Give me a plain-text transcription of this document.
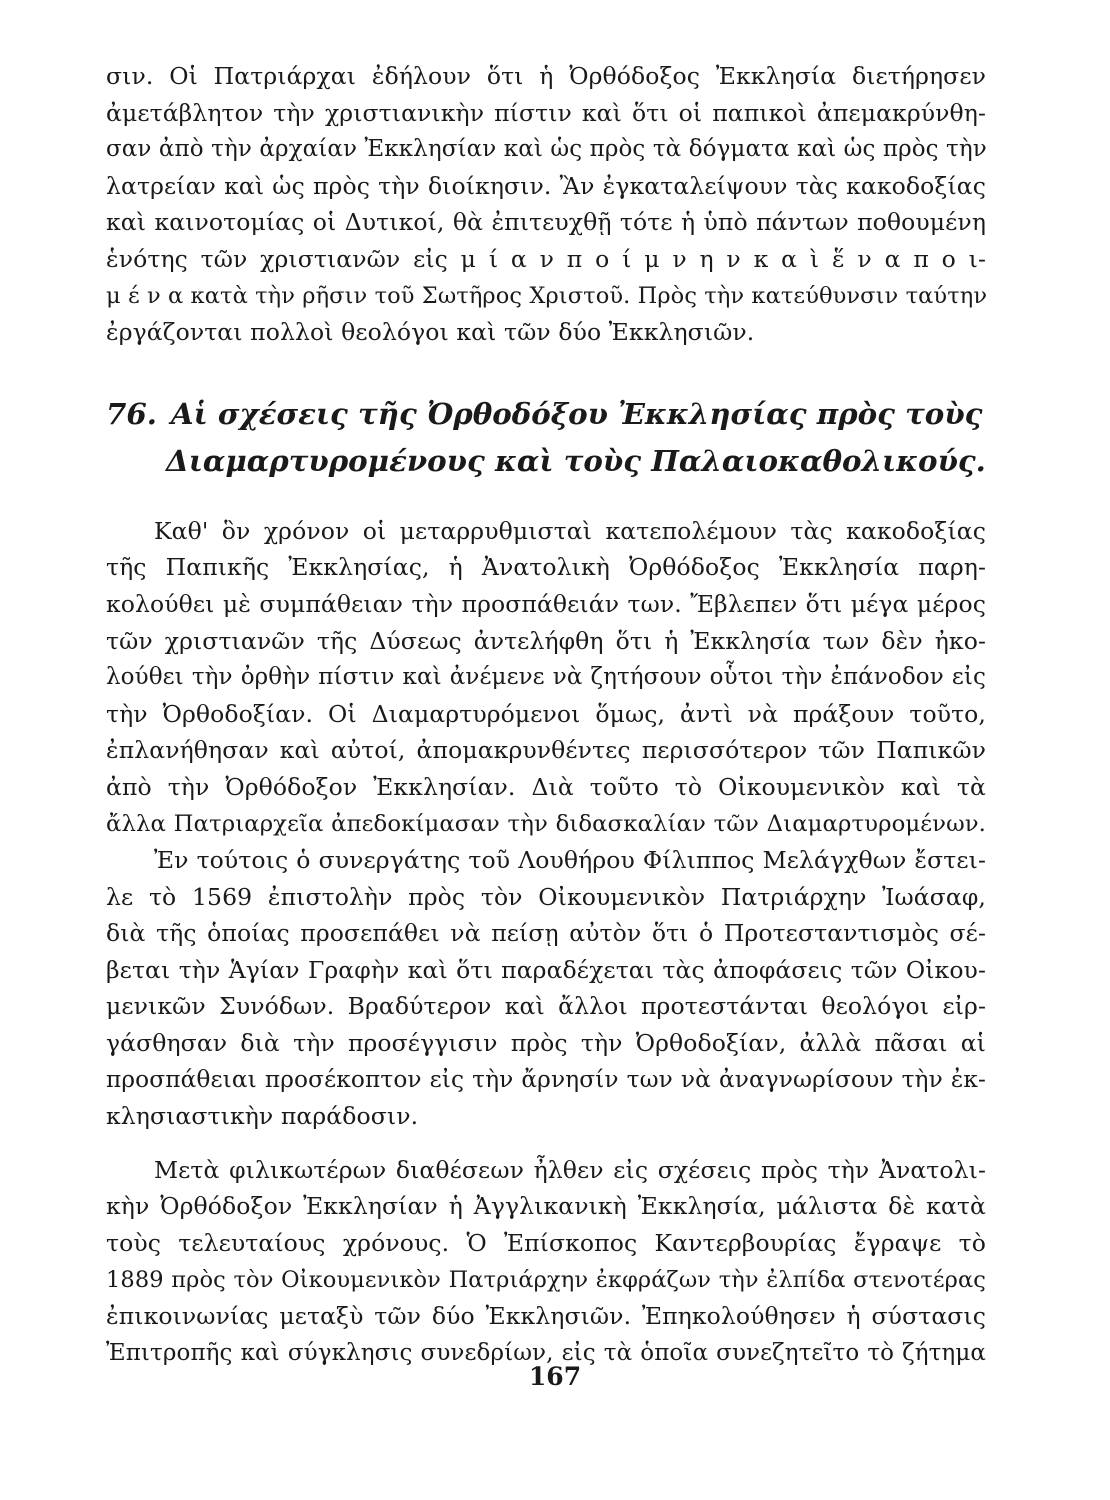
σιν. Οἱ Πατριάρχαι ἐδήλουν ὅτι ἡ Ὀρθόδοξος Ἐκκλησία διετήρησεν
ἀμετάβλητον τὴν χριστιανικὴν πίστιν καὶ ὅτι οἱ παπικοὶ ἀπεμακρύνθη-
σαν ἀπὸ τὴν ἀρχαίαν Ἐκκλησίαν καὶ ὡς πρὸς τὰ δόγματα καὶ ὡς πρὸς τὴν
λατρείαν καὶ ὡς πρὸς τὴν διοίκησιν. Ἂν ἐγκαταλείψουν τὰς κακοδοξίας
καὶ καινοτομίας οἱ Δυτικοί, θὰ ἐπιτευχθῇ τότε ἡ ὑπὸ πάντων ποθουμένη
ἑνότης τῶν χριστιανῶν εἰς μ ί α ν π ο ί μ ν η ν κ α ὶ ἕ ν α π ο ι-
μ έ ν α κατὰ τὴν ρῆσιν τοῦ Σωτῆρος Χριστοῦ. Πρὸς τὴν κατεύθυνσιν ταύτην
ἐργάζονται πολλοὶ θεολόγοι καὶ τῶν δύο Ἐκκλησιῶν.
76. Αἱ σχέσεις τῆς Ὀρθοδόξου Ἐκκλησίας πρὸς τοὺς
Διαμαρτυρομένους καὶ τοὺς Παλαιοκαθολικούς.
Καθ' ὃν χρόνον οἱ μεταρρυθμισταὶ κατεπολέμουν τὰς κακοδοξίας
τῆς Παπικῆς Ἐκκλησίας, ἡ Ἀνατολικὴ Ὀρθόδοξος Ἐκκλησία παρη-
κολούθει μὲ συμπάθειαν τὴν προσπάθειάν των. Ἔβλεπεν ὅτι μέγα μέρος
τῶν χριστιανῶν τῆς Δύσεως ἀντελήφθη ὅτι ἡ Ἐκκλησία των δὲν ἠκο-
λούθει τὴν ὀρθὴν πίστιν καὶ ἀνέμενε νὰ ζητήσουν οὗτοι τὴν ἐπάνοδον εἰς
τὴν Ὀρθοδοξίαν. Οἱ Διαμαρτυρόμενοι ὅμως, ἀντὶ νὰ πράξουν τοῦτο,
ἐπλανήθησαν καὶ αὐτοί, ἀπομακρυνθέντες περισσότερον τῶν Παπικῶν
ἀπὸ τὴν Ὀρθόδοξον Ἐκκλησίαν. Διὰ τοῦτο τὸ Οἰκουμενικὸν καὶ τὰ
ἄλλα Πατριαρχεῖα ἀπεδοκίμασαν τὴν διδασκαλίαν τῶν Διαμαρτυρομένων.
Ἐν τούτοις ὁ συνεργάτης τοῦ Λουθήρου Φίλιππος Μελάγχθων ἔστει-
λε τὸ 1569 ἐπιστολὴν πρὸς τὸν Οἰκουμενικὸν Πατριάρχην Ἰωάσαφ,
διὰ τῆς ὁποίας προσεπάθει νὰ πείσῃ αὐτὸν ὅτι ὁ Προτεσταντισμὸς σέ-
βεται τὴν Ἁγίαν Γραφὴν καὶ ὅτι παραδέχεται τὰς ἀποφάσεις τῶν Οἰκου-
μενικῶν Συνόδων. Βραδύτερον καὶ ἄλλοι προτεστάνται θεολόγοι εἰρ-
γάσθησαν διὰ τὴν προσέγγισιν πρὸς τὴν Ὀρθοδοξίαν, ἀλλὰ πᾶσαι αἱ
προσπάθειαι προσέκοπτον εἰς τὴν ἄρνησίν των νὰ ἀναγνωρίσουν τὴν ἐκ-
κλησιαστικὴν παράδοσιν.
Μετὰ φιλικωτέρων διαθέσεων ἦλθεν εἰς σχέσεις πρὸς τὴν Ἀνατολι-
κὴν Ὀρθόδοξον Ἐκκλησίαν ἡ Ἀγγλικανικὴ Ἐκκλησία, μάλιστα δὲ κατὰ
τοὺς τελευταίους χρόνους. Ὁ Ἐπίσκοπος Καντερβουρίας ἔγραψε τὸ
1889 πρὸς τὸν Οἰκουμενικὸν Πατριάρχην ἐκφράζων τὴν ἐλπίδα στενοτέρας
ἐπικοινωνίας μεταξὺ τῶν δύο Ἐκκλησιῶν. Ἐπηκολούθησεν ἡ σύστασις
Ἐπιτροπῆς καὶ σύγκλησις συνεδρίων, εἰς τὰ ὁποῖα συνεζητεῖτο τὸ ζήτημα
167
